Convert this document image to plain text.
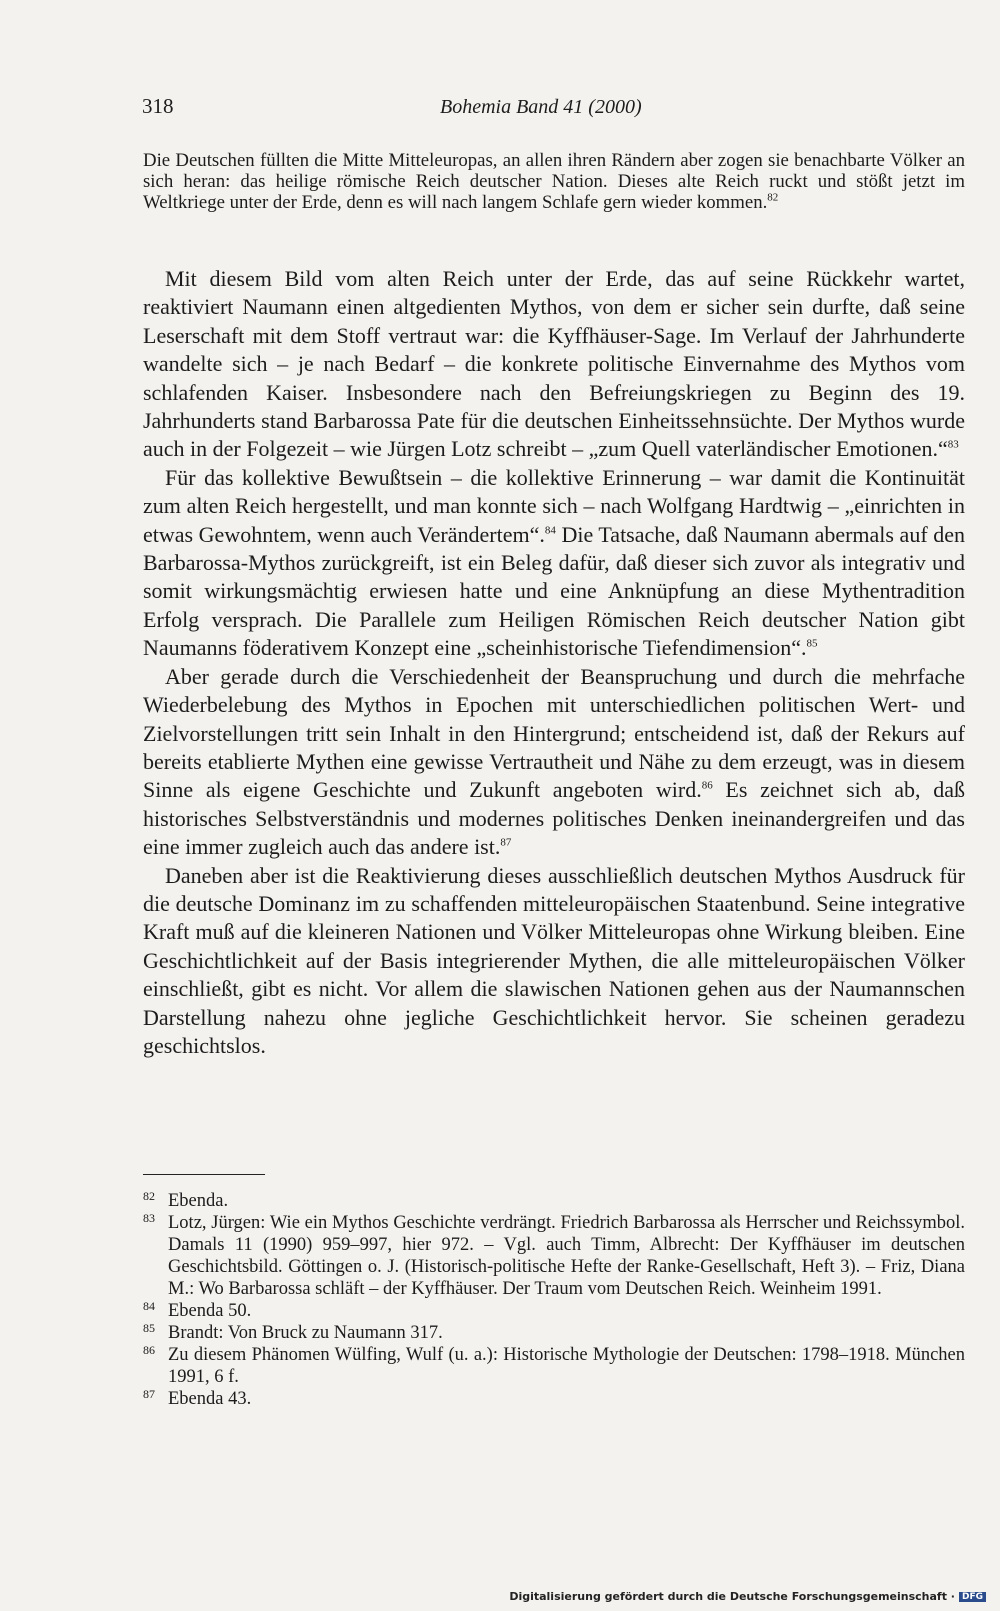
318	Bohemia Band 41 (2000)
Die Deutschen füllten die Mitte Mitteleuropas, an allen ihren Rändern aber zogen sie benachbarte Völker an sich heran: das heilige römische Reich deutscher Nation. Dieses alte Reich ruckt und stößt jetzt im Weltkriege unter der Erde, denn es will nach langem Schlafe gern wieder kommen.$^{82}$

Mit diesem Bild vom alten Reich unter der Erde, das auf seine Rückkehr wartet, reaktiviert Naumann einen altgedienten Mythos, von dem er sicher sein durfte, daß seine Leserschaft mit dem Stoff vertraut war: die Kyffhäuser-Sage. Im Verlauf der Jahrhunderte wandelte sich – je nach Bedarf – die konkrete politische Einvernahme des Mythos vom schlafenden Kaiser. Insbesondere nach den Befreiungskriegen zu Beginn des 19. Jahrhunderts stand Barbarossa Pate für die deutschen Einheitssehnsüchte. Der Mythos wurde auch in der Folgezeit – wie Jürgen Lotz schreibt – „zum Quell vaterländischer Emotionen.“$^{83}$

Für das kollektive Bewußtsein – die kollektive Erinnerung – war damit die Kontinuität zum alten Reich hergestellt, und man konnte sich – nach Wolfgang Hardtwig – „einrichten in etwas Gewohntem, wenn auch Verändertem“.$^{84}$ Die Tatsache, daß Naumann abermals auf den Barbarossa-Mythos zurückgreift, ist ein Beleg dafür, daß dieser sich zuvor als integrativ und somit wirkungsmächtig erwiesen hatte und eine Anknüpfung an diese Mythentradition Erfolg versprach. Die Parallele zum Heiligen Römischen Reich deutscher Nation gibt Naumanns föderativem Konzept eine „scheinhistorische Tiefendimension“.$^{85}$

Aber gerade durch die Verschiedenheit der Beanspruchung und durch die mehrfache Wiederbelebung des Mythos in Epochen mit unterschiedlichen politischen Wert- und Zielvorstellungen tritt sein Inhalt in den Hintergrund; entscheidend ist, daß der Rekurs auf bereits etablierte Mythen eine gewisse Vertrautheit und Nähe zu dem erzeugt, was in diesem Sinne als eigene Geschichte und Zukunft angeboten wird.$^{86}$ Es zeichnet sich ab, daß historisches Selbstverständnis und modernes politisches Denken ineinandergreifen und das eine immer zugleich auch das andere ist.$^{87}$

Daneben aber ist die Reaktivierung dieses ausschließlich deutschen Mythos Ausdruck für die deutsche Dominanz im zu schaffenden mitteleuropäischen Staatenbund. Seine integrative Kraft muß auf die kleineren Nationen und Völker Mitteleuropas ohne Wirkung bleiben. Eine Geschichtlichkeit auf der Basis integrierender Mythen, die alle mitteleuropäischen Völker einschließt, gibt es nicht. Vor allem die slawischen Nationen gehen aus der Naumannschen Darstellung nahezu ohne jegliche Geschichtlichkeit hervor. Sie scheinen geradezu geschichtslos.

82 Ebenda.
83 Lotz, Jürgen: Wie ein Mythos Geschichte verdrängt. Friedrich Barbarossa als Herrscher und Reichssymbol. Damals 11 (1990) 959–997, hier 972. – Vgl. auch Timm, Albrecht: Der Kyffhäuser im deutschen Geschichtsbild. Göttingen o. J. (Historisch-politische Hefte der Ranke-Gesellschaft, Heft 3). – Friz, Diana M.: Wo Barbarossa schläft – der Kyffhäuser. Der Traum vom Deutschen Reich. Weinheim 1991.
84 Ebenda 50.
85 Brandt: Von Bruck zu Naumann 317.
86 Zu diesem Phänomen Wülfing, Wulf (u. a.): Historische Mythologie der Deutschen: 1798–1918. München 1991, 6 f.
87 Ebenda 43.
Digitalisierung gefördert durch die Deutsche Forschungsgemeinschaft · DFG
